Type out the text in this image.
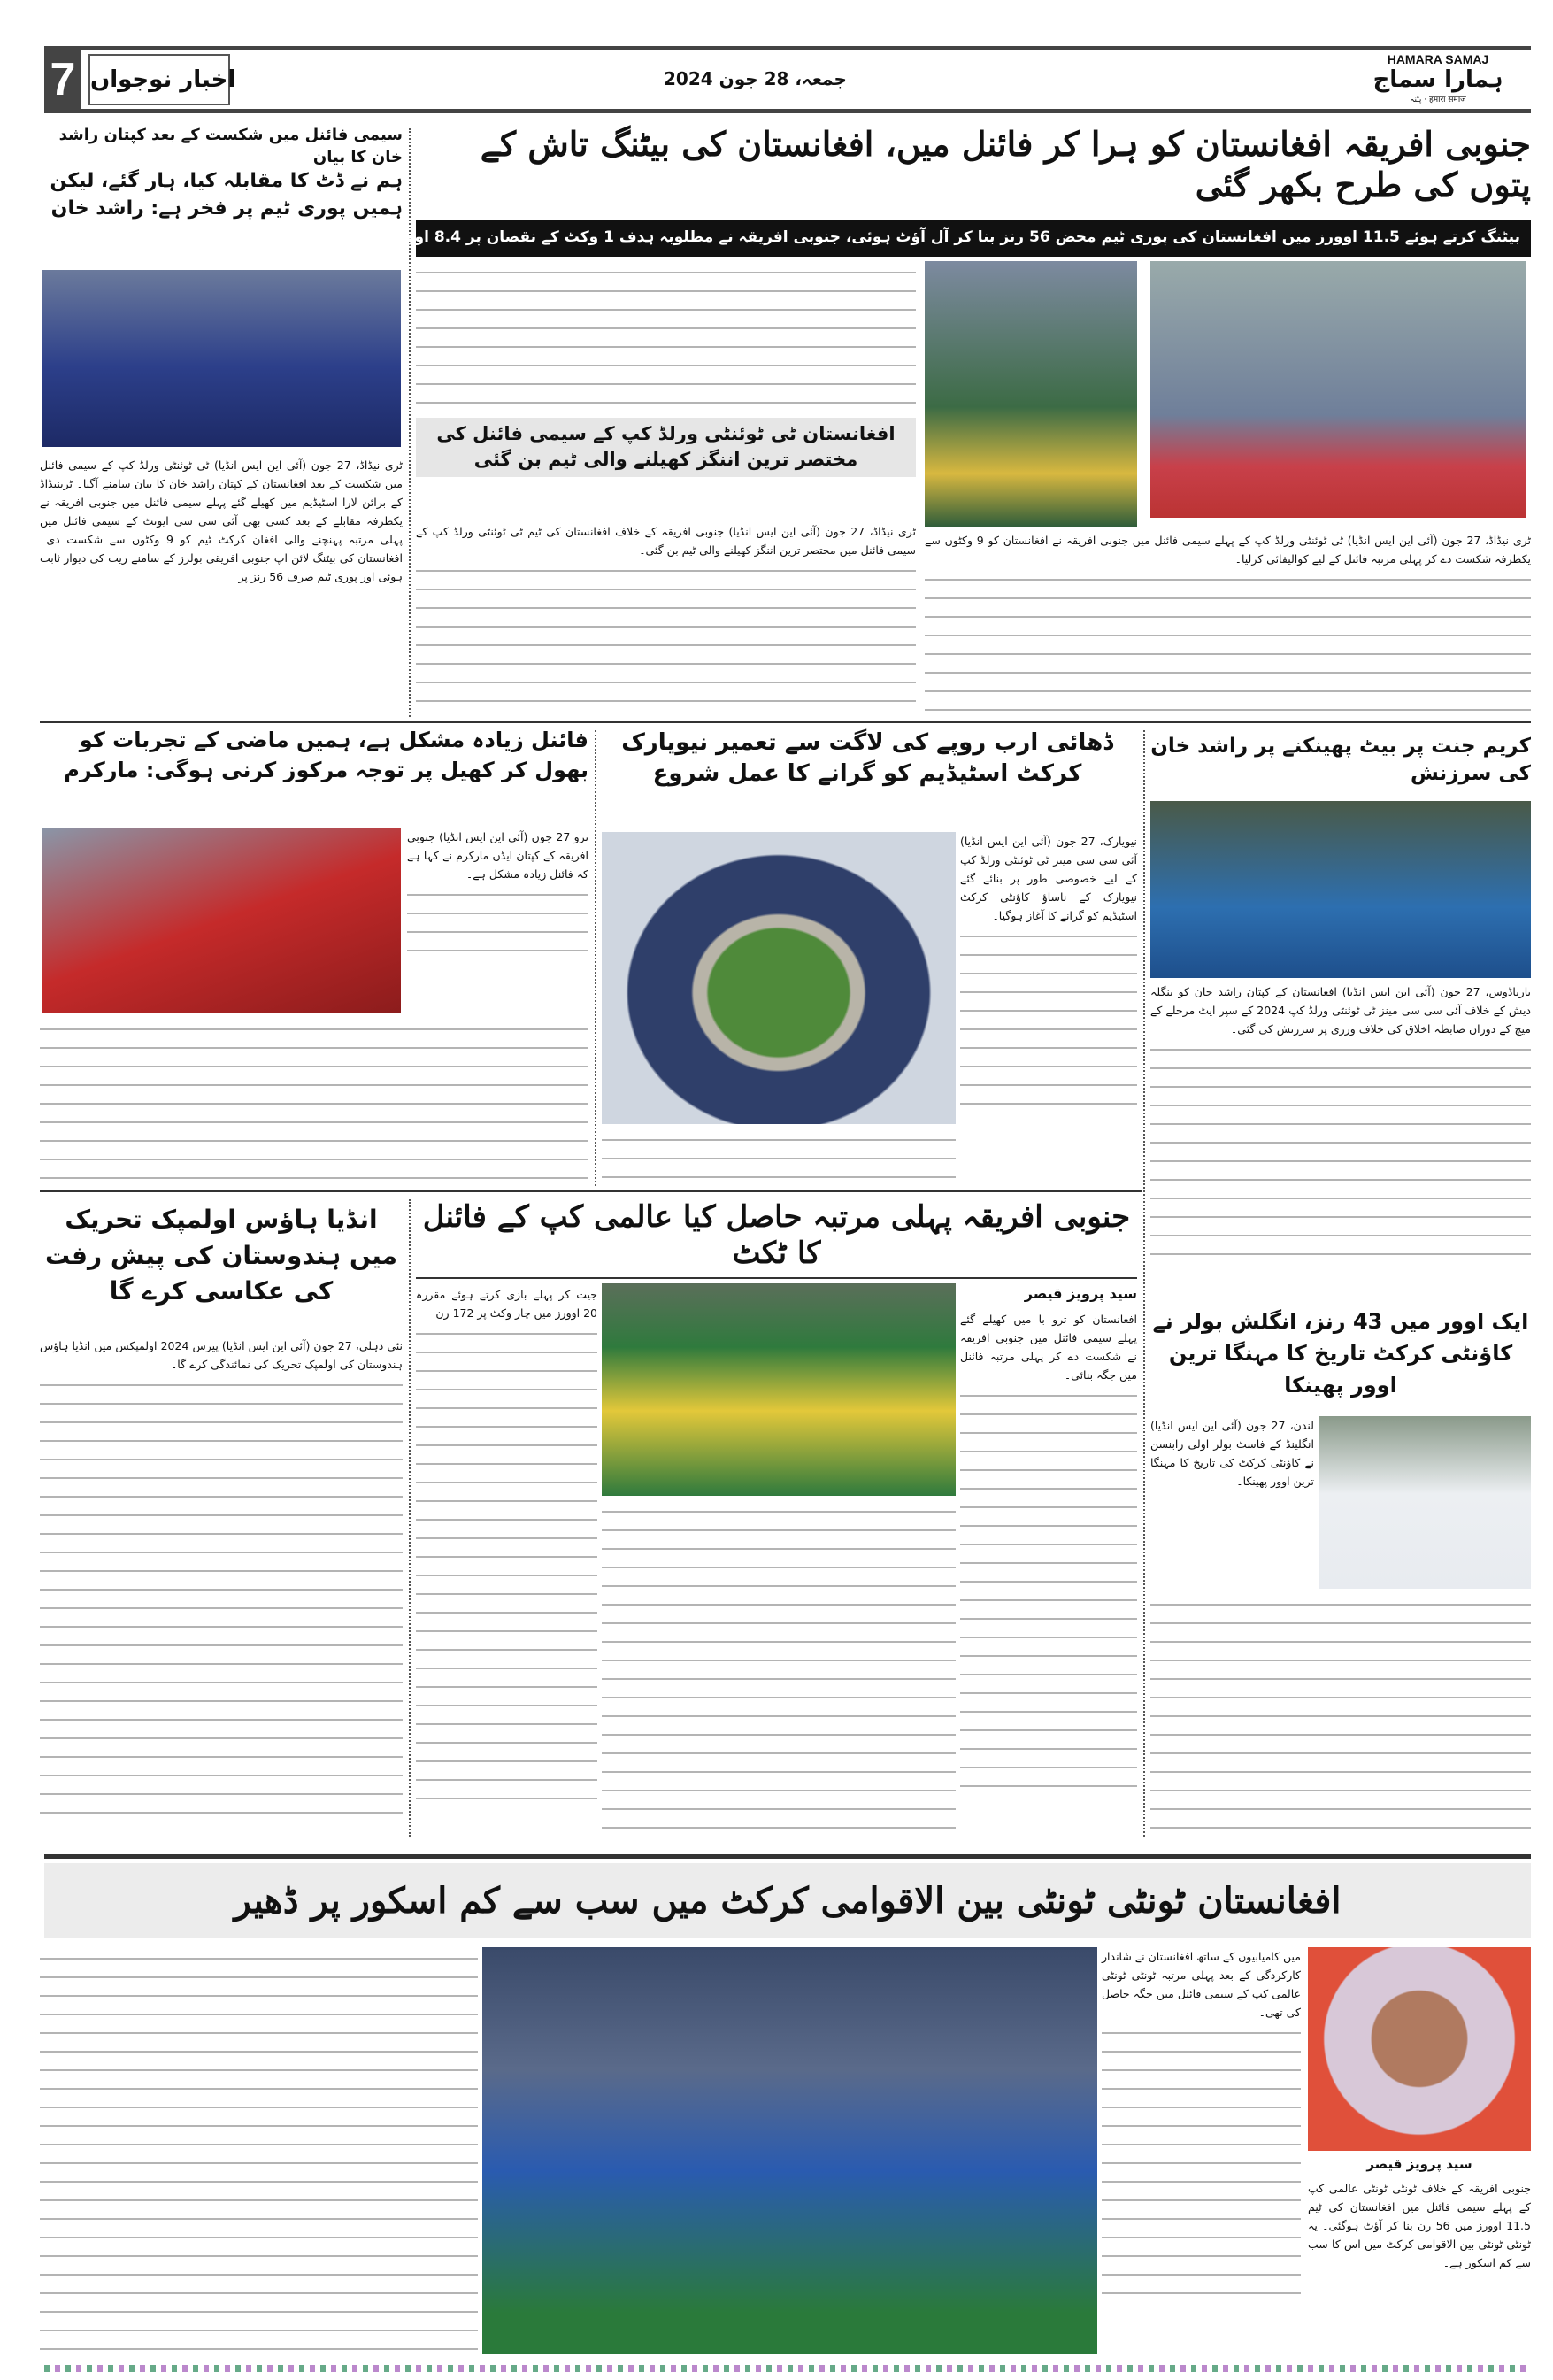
7 اخبار نوجواں	جمعہ، 28 جون 2024
HAMARA SAMAJ
ہمارا سماج
پٹنہ · हमारा समाज
سیمی فائنل میں شکست کے بعد کپتان راشد خان کا بیان
ہم نے ڈٹ کا مقابلہ کیا، ہار گئے، لیکن ہمیں پوری ٹیم پر فخر ہے: راشد خان

ٹری نیڈاڈ، 27 جون (آئی این ایس انڈیا) ٹی ٹوئنٹی ورلڈ کپ کے سیمی فائنل میں شکست کے بعد افغانستان کے کپتان راشد خان کا بیان سامنے آگیا۔ ٹرینیڈاڈ کے برائن لارا اسٹیڈیم میں کھیلے گئے پہلے سیمی فائنل میں جنوبی افریقہ نے یکطرفہ مقابلے کے بعد کسی بھی آئی سی سی ایونٹ کے سیمی فائنل میں پہلی مرتبہ پہنچنے والی افغان کرکٹ ٹیم کو 9 وکٹوں سے شکست دی۔ افغانستان کی بیٹنگ لائن اپ جنوبی افریقی بولرز کے سامنے ریت کی دیوار ثابت ہوئی اور پوری ٹیم صرف 56 رنز پر

جنوبی افریقہ افغانستان کو ہرا کر فائنل میں، افغانستان کی بیٹنگ تاش کے پتوں کی طرح بکھر گئی
بیٹنگ کرتے ہوئے 11.5 اوورز میں افغانستان کی پوری ٹیم محض 56 رنز بنا کر آل آؤٹ ہوئی، جنوبی افریقہ نے مطلوبہ ہدف 1 وکٹ کے نقصان پر 8.4 اوورز میں ہی حاصل کرلیا
افغانستان ٹی ٹوئنٹی ورلڈ کپ کے سیمی فائنل کی مختصر ترین اننگز کھیلنے والی ٹیم بن گئی

ٹری نیڈاڈ، 27 جون (آئی این ایس انڈیا) جنوبی افریقہ کے خلاف افغانستان کی ٹیم ٹی ٹوئنٹی ورلڈ کپ کے سیمی فائنل میں مختصر ترین اننگز کھیلنے والی ٹیم بن گئی۔

ٹری نیڈاڈ، 27 جون (آئی این ایس انڈیا) ٹی ٹوئنٹی ورلڈ کپ کے پہلے سیمی فائنل میں جنوبی افریقہ نے افغانستان کو 9 وکٹوں سے یکطرفہ شکست دے کر پہلی مرتبہ فائنل کے لیے کوالیفائی کرلیا۔

فائنل زیادہ مشکل ہے، ہمیں ماضی کے تجربات کو بھول کر کھیل پر توجہ مرکوز کرنی ہوگی: مارکرم

ترو 27 جون (آئی این ایس انڈیا) جنوبی افریقہ کے کپتان ایڈن مارکرم نے کہا ہے کہ فائنل زیادہ مشکل ہے۔

ڈھائی ارب روپے کی لاگت سے تعمیر نیویارک کرکٹ اسٹیڈیم کو گرانے کا عمل شروع

نیویارک، 27 جون (آئی این ایس انڈیا) آئی سی سی مینز ٹی ٹوئنٹی ورلڈ کپ کے لیے خصوصی طور پر بنائے گئے نیویارک کے ناساؤ کاؤنٹی کرکٹ اسٹیڈیم کو گرانے کا آغاز ہوگیا۔

کریم جنت پر بیٹ پھینکنے پر راشد خان کی سرزنش

بارباڈوس، 27 جون (آئی این ایس انڈیا) افغانستان کے کپتان راشد خان کو بنگلہ دیش کے خلاف آئی سی سی مینز ٹی ٹوئنٹی ورلڈ کپ 2024 کے سپر ایٹ مرحلے کے میچ کے دوران ضابطہ اخلاق کی خلاف ورزی پر سرزنش کی گئی۔

انڈیا ہاؤس اولمپک تحریک میں ہندوستان کی پیش رفت کی عکاسی کرے گا

نئی دہلی، 27 جون (آئی این ایس انڈیا) پیرس 2024 اولمپکس میں انڈیا ہاؤس ہندوستان کی اولمپک تحریک کی نمائندگی کرے گا۔

جنوبی افریقہ پہلی مرتبہ حاصل کیا عالمی کپ کے فائنل کا ٹکٹ
سید پرویز قیصر

افغانستان کو ترو با میں کھیلے گئے پہلے سیمی فائنل میں جنوبی افریقہ نے شکست دے کر پہلی مرتبہ فائنل میں جگہ بنائی۔

جیت کر پہلے بازی کرتے ہوئے مقررہ 20 اوورز میں چار وکٹ پر 172 رن	ایک اوور میں 43 رنز، انگلش بولر نے کاؤنٹی کرکٹ تاریخ کا مہنگا ترین اوور پھینکا

لندن، 27 جون (آئی این ایس انڈیا) انگلینڈ کے فاسٹ بولر اولی رابنسن نے کاؤنٹی کرکٹ کی تاریخ کا مہنگا ترین اوور پھینکا۔

افغانستان ٹونٹی ٹونٹی بین الاقوامی کرکٹ میں سب سے کم اسکور پر ڈھیر
سید پرویز قیصر

جنوبی افریقہ کے خلاف ٹونٹی ٹونٹی عالمی کپ کے پہلے سیمی فائنل میں افغانستان کی ٹیم 11.5 اوورز میں 56 رن بنا کر آؤٹ ہوگئی۔ یہ ٹونٹی ٹونٹی بین الاقوامی کرکٹ میں اس کا سب سے کم اسکور ہے۔

میں کامیابیوں کے ساتھ افغانستان نے شاندار کارکردگی کے بعد پہلی مرتبہ ٹونٹی ٹونٹی عالمی کپ کے سیمی فائنل میں جگہ حاصل کی تھی۔
